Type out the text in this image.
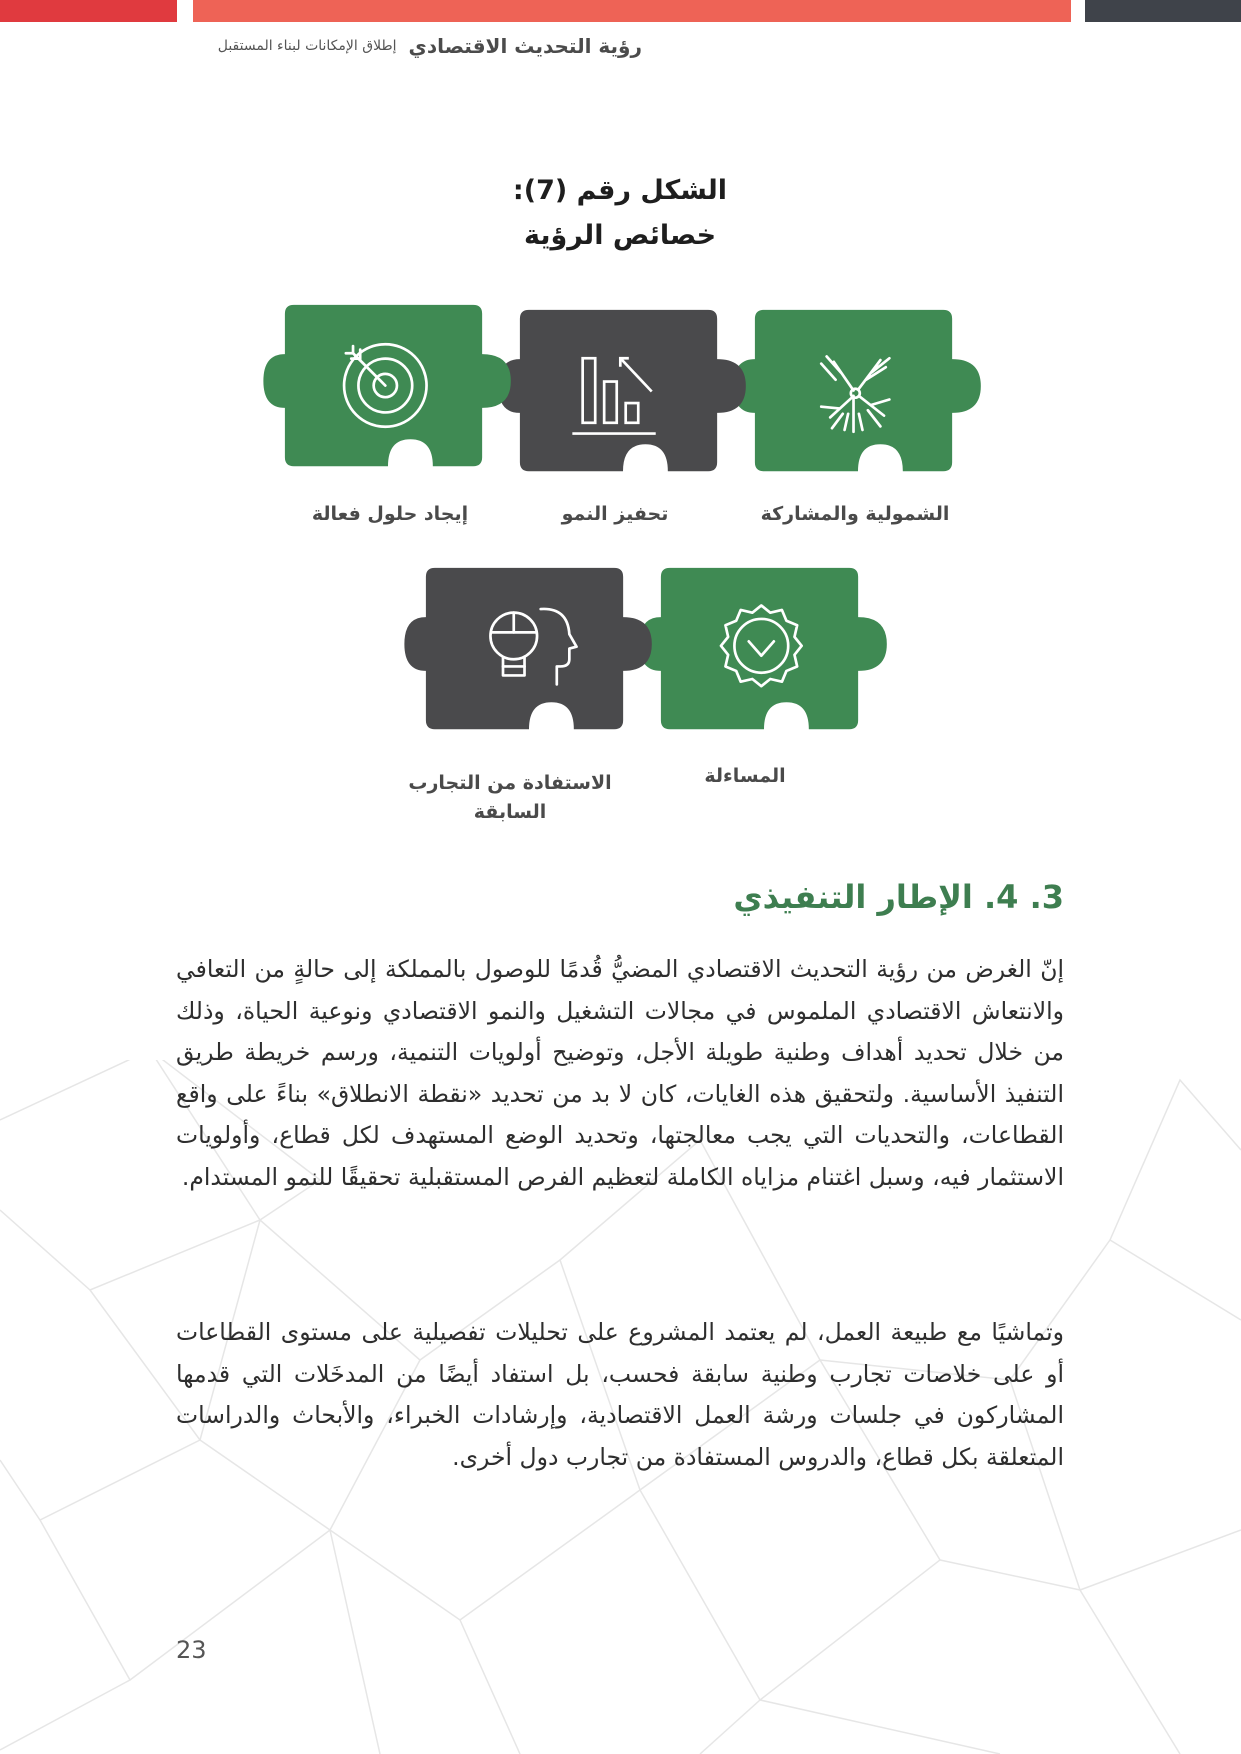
رؤية التحديث الاقتصادي
إطلاق الإمكانات لبناء المستقبل
الشكل رقم (7):
خصائص الرؤية
الشمولية والمشاركة
تحفيز النمو
إيجاد حلول فعالة
المساءلة
الاستفادة من التجارب
السابقة
3. 4. الإطار التنفيذي

إنّ الغرض من رؤية التحديث الاقتصادي المضيُّ قُدمًا للوصول بالمملكة إلى حالةٍ من التعافي والانتعاش الاقتصادي الملموس في مجالات التشغيل والنمو الاقتصادي ونوعية الحياة، وذلك من خلال تحديد أهداف وطنية طويلة الأجل، وتوضيح أولويات التنمية، ورسم خريطة طريق التنفيذ الأساسية. ولتحقيق هذه الغايات، كان لا بد من تحديد «نقطة الانطلاق» بناءً على واقع القطاعات، والتحديات التي يجب معالجتها، وتحديد الوضع المستهدف لكل قطاع، وأولويات الاستثمار فيه، وسبل اغتنام مزاياه الكاملة لتعظيم الفرص المستقبلية تحقيقًا للنمو المستدام.

وتماشيًا مع طبيعة العمل، لم يعتمد المشروع على تحليلات تفصيلية على مستوى القطاعات أو على خلاصات تجارب وطنية سابقة فحسب، بل استفاد أيضًا من المدخَلات التي قدمها المشاركون في جلسات ورشة العمل الاقتصادية، وإرشادات الخبراء، والأبحاث والدراسات المتعلقة بكل قطاع، والدروس المستفادة من تجارب دول أخرى.

23
